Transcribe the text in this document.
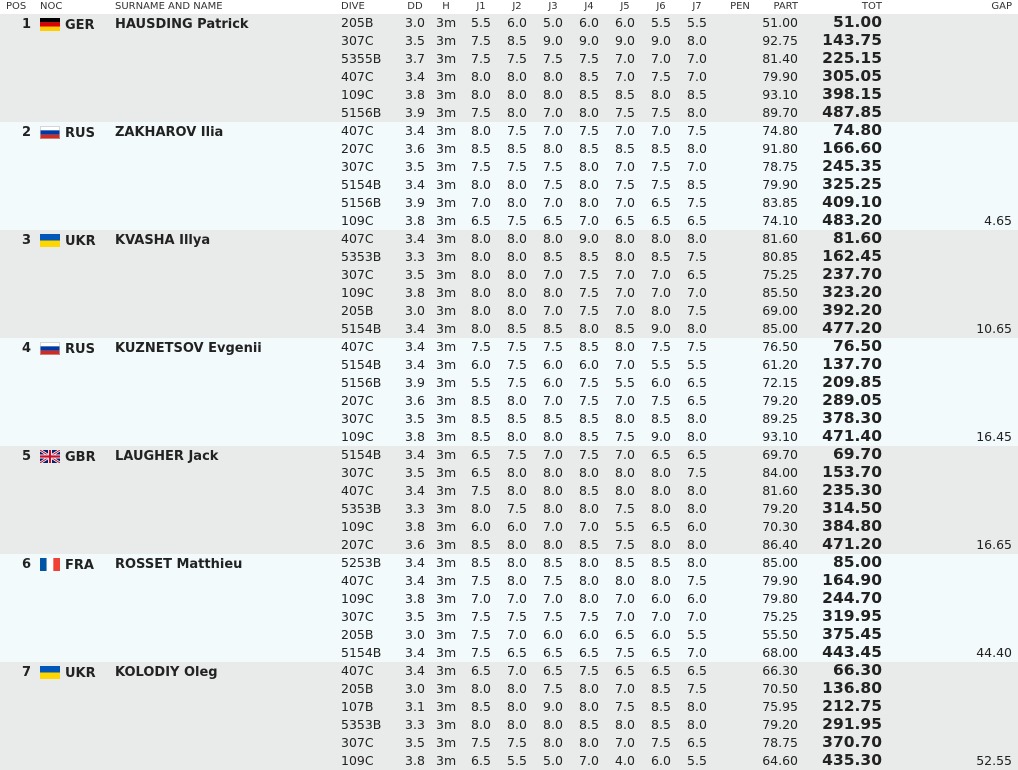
POS NOC	SURNAME AND NAME	DIVE	DD	H	J1	J2	J3	J4	J5	J6	J7	PEN	PART	TOT	GAP
1	GER HAUSDING Patrick	205B	3.0 3m	5.5	6.0	5.0	6.0	6.0	5.5	5.5	51.00	51.00
307C	3.5 3m	7.5	8.5	9.0	9.0	9.0	9.0	8.0	92.75	143.75
5355B	3.7 3m	7.5	7.5	7.5	7.5	7.0	7.0	7.0	81.40	225.15
407C	3.4 3m	8.0	8.0	8.0	8.5	7.0	7.5	7.0	79.90	305.05
109C	3.8 3m	8.0	8.0	8.0	8.5	8.5	8.0	8.5	93.10	398.15
5156B	3.9 3m	7.5	8.0	7.0	8.0	7.5	7.5	8.0	89.70	487.85
2	RUS ZAKHAROV Ilia	407C	3.4 3m	8.0	7.5	7.0	7.5	7.0	7.0	7.5	74.80	74.80
207C	3.6 3m	8.5	8.5	8.0	8.5	8.5	8.5	8.0	91.80	166.60
307C	3.5 3m	7.5	7.5	7.5	8.0	7.0	7.5	7.0	78.75	245.35
5154B	3.4 3m	8.0	8.0	7.5	8.0	7.5	7.5	8.5	79.90	325.25
5156B	3.9 3m	7.0	8.0	7.0	8.0	7.0	6.5	7.5	83.85	409.10
109C	3.8 3m	6.5	7.5	6.5	7.0	6.5	6.5	6.5	74.10	483.20	4.65
3	UKR KVASHA Illya	407C	3.4 3m	8.0	8.0	8.0	9.0	8.0	8.0	8.0	81.60	81.60
5353B	3.3 3m	8.0	8.0	8.5	8.5	8.0	8.5	7.5	80.85	162.45
307C	3.5 3m	8.0	8.0	7.0	7.5	7.0	7.0	6.5	75.25	237.70
109C	3.8 3m	8.0	8.0	8.0	7.5	7.0	7.0	7.0	85.50	323.20
205B	3.0 3m	8.0	8.0	7.0	7.5	7.0	8.0	7.5	69.00	392.20
5154B	3.4 3m	8.0	8.5	8.5	8.0	8.5	9.0	8.0	85.00	477.20	10.65
4	RUS KUZNETSOV Evgenii	407C	3.4 3m	7.5	7.5	7.5	8.5	8.0	7.5	7.5	76.50	76.50
5154B	3.4 3m	6.0	7.5	6.0	6.0	7.0	5.5	5.5	61.20	137.70
5156B	3.9 3m	5.5	7.5	6.0	7.5	5.5	6.0	6.5	72.15	209.85
207C	3.6 3m	8.5	8.0	7.0	7.5	7.0	7.5	6.5	79.20	289.05
307C	3.5 3m	8.5	8.5	8.5	8.5	8.0	8.5	8.0	89.25	378.30
109C	3.8 3m	8.5	8.0	8.0	8.5	7.5	9.0	8.0	93.10	471.40	16.45
5	GBR LAUGHER Jack	5154B	3.4 3m	6.5	7.5	7.0	7.5	7.0	6.5	6.5	69.70	69.70
307C	3.5 3m	6.5	8.0	8.0	8.0	8.0	8.0	7.5	84.00	153.70
407C	3.4 3m	7.5	8.0	8.0	8.5	8.0	8.0	8.0	81.60	235.30
5353B	3.3 3m	8.0	7.5	8.0	8.0	7.5	8.0	8.0	79.20	314.50
109C	3.8 3m	6.0	6.0	7.0	7.0	5.5	6.5	6.0	70.30	384.80
207C	3.6 3m	8.5	8.0	8.0	8.5	7.5	8.0	8.0	86.40	471.20	16.65
6	FRA ROSSET Matthieu	5253B	3.4 3m	8.5	8.0	8.5	8.0	8.5	8.5	8.0	85.00	85.00
407C	3.4 3m	7.5	8.0	7.5	8.0	8.0	8.0	7.5	79.90	164.90
109C	3.8 3m	7.0	7.0	7.0	8.0	7.0	6.0	6.0	79.80	244.70
307C	3.5 3m	7.5	7.5	7.5	7.5	7.0	7.0	7.0	75.25	319.95
205B	3.0 3m	7.5	7.0	6.0	6.0	6.5	6.0	5.5	55.50	375.45
5154B	3.4 3m	7.5	6.5	6.5	6.5	7.5	6.5	7.0	68.00	443.45	44.40
7	UKR KOLODIY Oleg	407C	3.4 3m	6.5	7.0	6.5	7.5	6.5	6.5	6.5	66.30	66.30
205B	3.0 3m	8.0	8.0	7.5	8.0	7.0	8.5	7.5	70.50	136.80
107B	3.1 3m	8.5	8.0	9.0	8.0	7.5	8.5	8.0	75.95	212.75
5353B	3.3 3m	8.0	8.0	8.0	8.5	8.0	8.5	8.0	79.20	291.95
307C	3.5 3m	7.5	7.5	8.0	8.0	7.0	7.5	6.5	78.75	370.70
109C	3.8 3m	6.5	5.5	5.0	7.0	4.0	6.0	5.5	64.60	435.30	52.55
